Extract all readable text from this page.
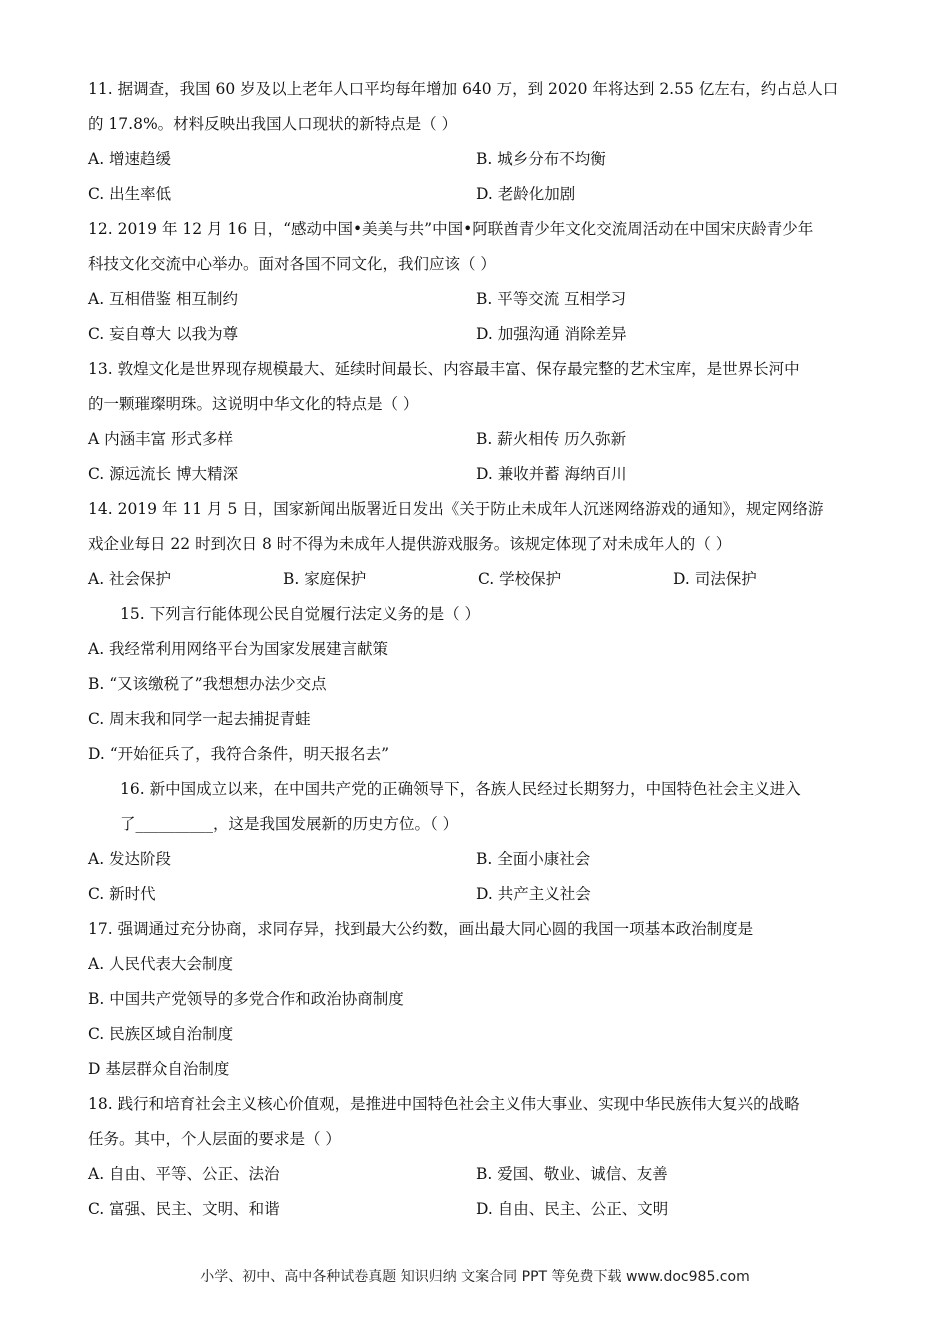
11. 据调查，我国 60 岁及以上老年人口平均每年增加 640 万，到 2020 年将达到 2.55 亿左右，约占总人口
的 17.8%。材料反映出我国人口现状的新特点是（ ）
A. 增速趋缓	B. 城乡分布不均衡
C. 出生率低	D. 老龄化加剧
12. 2019 年 12 月 16 日，“感动中国•美美与共”中国•阿联酋青少年文化交流周活动在中国宋庆龄青少年
科技文化交流中心举办。面对各国不同文化，我们应该（ ）
A. 互相借鉴 相互制约	B. 平等交流 互相学习
C. 妄自尊大 以我为尊	D. 加强沟通 消除差异
13. 敦煌文化是世界现存规模最大、延续时间最长、内容最丰富、保存最完整的艺术宝库，是世界长河中
的一颗璀璨明珠。这说明中华文化的特点是（ ）
A 内涵丰富 形式多样	B. 薪火相传 历久弥新
C. 源远流长 博大精深	D. 兼收并蓄 海纳百川
14. 2019 年 11 月 5 日，国家新闻出版署近日发出《关于防止未成年人沉迷网络游戏的通知》，规定网络游
戏企业每日 22 时到次日 8 时不得为未成年人提供游戏服务。该规定体现了对未成年人的（ ）
A. 社会保护	B. 家庭保护	C. 学校保护	D. 司法保护
15. 下列言行能体现公民自觉履行法定义务的是（ ）
A. 我经常利用网络平台为国家发展建言献策
B. “又该缴税了”我想想办法少交点
C. 周末我和同学一起去捕捉青蛙
D. “开始征兵了，我符合条件，明天报名去”
16. 新中国成立以来，在中国共产党的正确领导下，各族人民经过长期努力，中国特色社会主义进入
了__________，这是我国发展新的历史方位。（ ）
A. 发达阶段	B. 全面小康社会
C. 新时代	D. 共产主义社会
17. 强调通过充分协商，求同存异，找到最大公约数，画出最大同心圆的我国一项基本政治制度是
A. 人民代表大会制度
B. 中国共产党领导的多党合作和政治协商制度
C. 民族区域自治制度
D 基层群众自治制度
18. 践行和培育社会主义核心价值观，是推进中国特色社会主义伟大事业、实现中华民族伟大复兴的战略
任务。其中，个人层面的要求是（ ）
A. 自由、平等、公正、法治	B. 爱国、敬业、诚信、友善
C. 富强、民主、文明、和谐	D. 自由、民主、公正、文明
小学、初中、高中各种试卷真题 知识归纳 文案合同 PPT 等免费下载 www.doc985.com
